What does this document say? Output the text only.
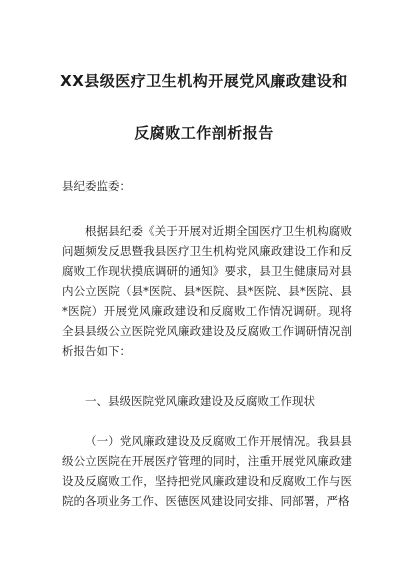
XX县级医疗卫生机构开展党风廉政建设和
反腐败工作剖析报告

县纪委监委：

根据县纪委《关于开展对近期全国医疗卫生机构腐败问题频发反思暨我县医疗卫生机构党风廉政建设工作和反腐败工作现状摸底调研的通知》要求，县卫生健康局对县内公立医院（县*医院、县*医院、县*医院、县*医院、县*医院）开展党风廉政建设和反腐败工作情况调研。现将全县县级公立医院党风廉政建设及反腐败工作调研情况剖析报告如下：

一、县级医院党风廉政建设及反腐败工作现状

（一）党风廉政建设及反腐败工作开展情况。我县县级公立医院在开展医疗管理的同时，注重开展党风廉政建设及反腐败工作，坚持把党风廉政建设和反腐败工作与医院的各项业务工作、医德医风建设同安排、同部署，严格
